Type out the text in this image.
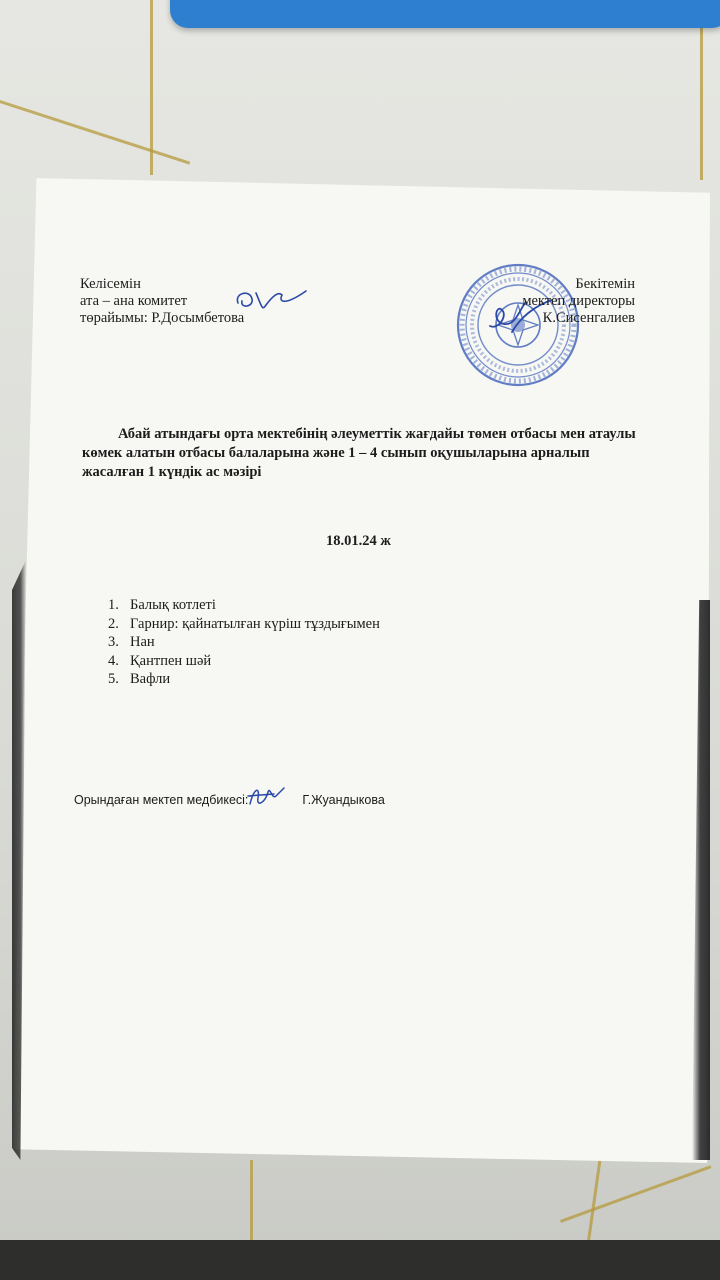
Келісемін
ата – ана комитет
төрайымы: Р.Досымбетова
Бекітемін
мектеп директоры
К.Сисенгалиев
Абай атындағы орта мектебінің әлеуметтік жағдайы төмен отбасы мен атаулы көмек алатын отбасы балаларына және 1 – 4 сынып оқушыларына арналып жасалған 1 күндік ас мәзірі
18.01.24 ж
1. Балық котлеті
2. Гарнир: қайнатылған күріш тұздығымен
3. Нан
4. Қантпен шәй
5. Вафли
Орындаған мектеп медбикесі:	Г.Жуандыкова
